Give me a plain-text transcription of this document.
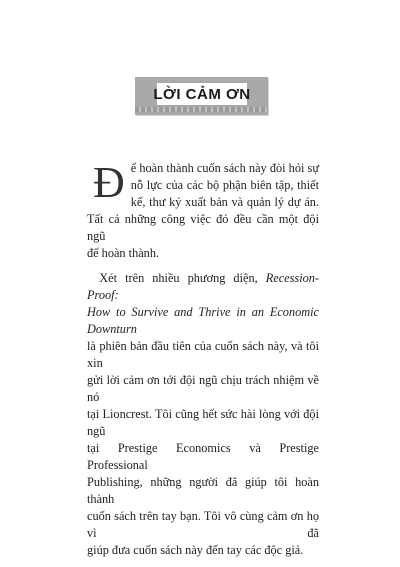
LỜI CẢM ƠN

Đ ể hoàn thành cuốn sách này đòi hỏi sự
nỗ lực của các bộ phận biên tập, thiết
kế, thư ký xuất bản và quản lý dự án.
Tất cả những công việc đó đều cần một đội ngũ
để hoàn thành.

 Xét trên nhiều phương diện, Recession-Proof:
How to Survive and Thrive in an Economic Downturn
là phiên bản đầu tiên của cuốn sách này, và tôi xin
gửi lời cảm ơn tới đội ngũ chịu trách nhiệm về nó
tại Lioncrest. Tôi cũng hết sức hài lòng với đội ngũ
tại Prestige Economics và Prestige Professional
Publishing, những người đã giúp tôi hoàn thành
cuốn sách trên tay bạn. Tôi vô cùng cảm ơn họ vì đã
giúp đưa cuốn sách này đến tay các độc giả.
